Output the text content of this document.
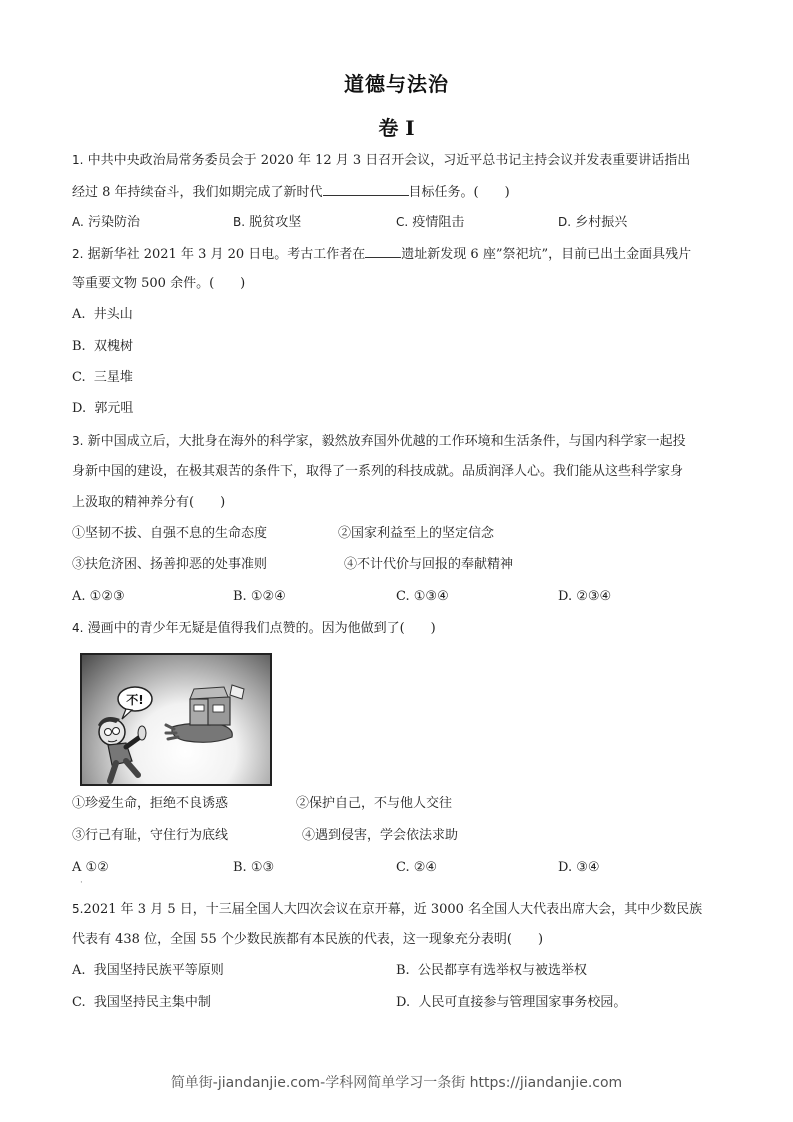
道德与法治
卷 I
1. 中共中央政治局常务委员会于 2020 年 12 月 3 日召开会议，习近平总书记主持会议并发表重要讲话指出
经过 8 年持续奋斗，我们如期完成了新时代	目标任务。(　　)
A. 污染防治	B. 脱贫攻坚	C. 疫情阻击	D. 乡村振兴
2. 据新华社 2021 年 3 月 20 日电。考古工作者在	遗址新发现 6 座”祭祀坑”，目前已出土金面具残片
等重要文物 500 余件。(　　)
A. 井头山
B. 双槐树
C. 三星堆
D. 郭元咀
3. 新中国成立后，大批身在海外的科学家，毅然放弃国外优越的工作环境和生活条件，与国内科学家一起投
身新中国的建设，在极其艰苦的条件下，取得了一系列的科技成就。品质润泽人心。我们能从这些科学家身
上汲取的精神养分有(　　)
①坚韧不拔、自强不息的生命态度	②国家利益至上的坚定信念
③扶危济困、扬善抑恶的处事准则	④不计代价与回报的奉献精神
A. ①②③	B. ①②④	C. ①③④	D. ②③④
4. 漫画中的青少年无疑是值得我们点赞的。因为他做到了(　　)
不!
①珍爱生命，拒绝不良诱惑	②保护自己，不与他人交往
③行己有耻，守住行为底线	④遇到侵害，学会依法求助
A ①②	B. ①③	C. ②④	D. ③④
·
5.2021 年 3 月 5 日，十三届全国人大四次会议在京开幕，近 3000 名全国人大代表出席大会，其中少数民族
代表有 438 位，全国 55 个少数民族都有本民族的代表，这一现象充分表明(　　)
A. 我国坚持民族平等原则	B. 公民都享有选举权与被选举权
C. 我国坚持民主集中制	D. 人民可直接参与管理国家事务校园。
简单街-jiandanjie.com-学科网简单学习一条街 https://jiandanjie.com
